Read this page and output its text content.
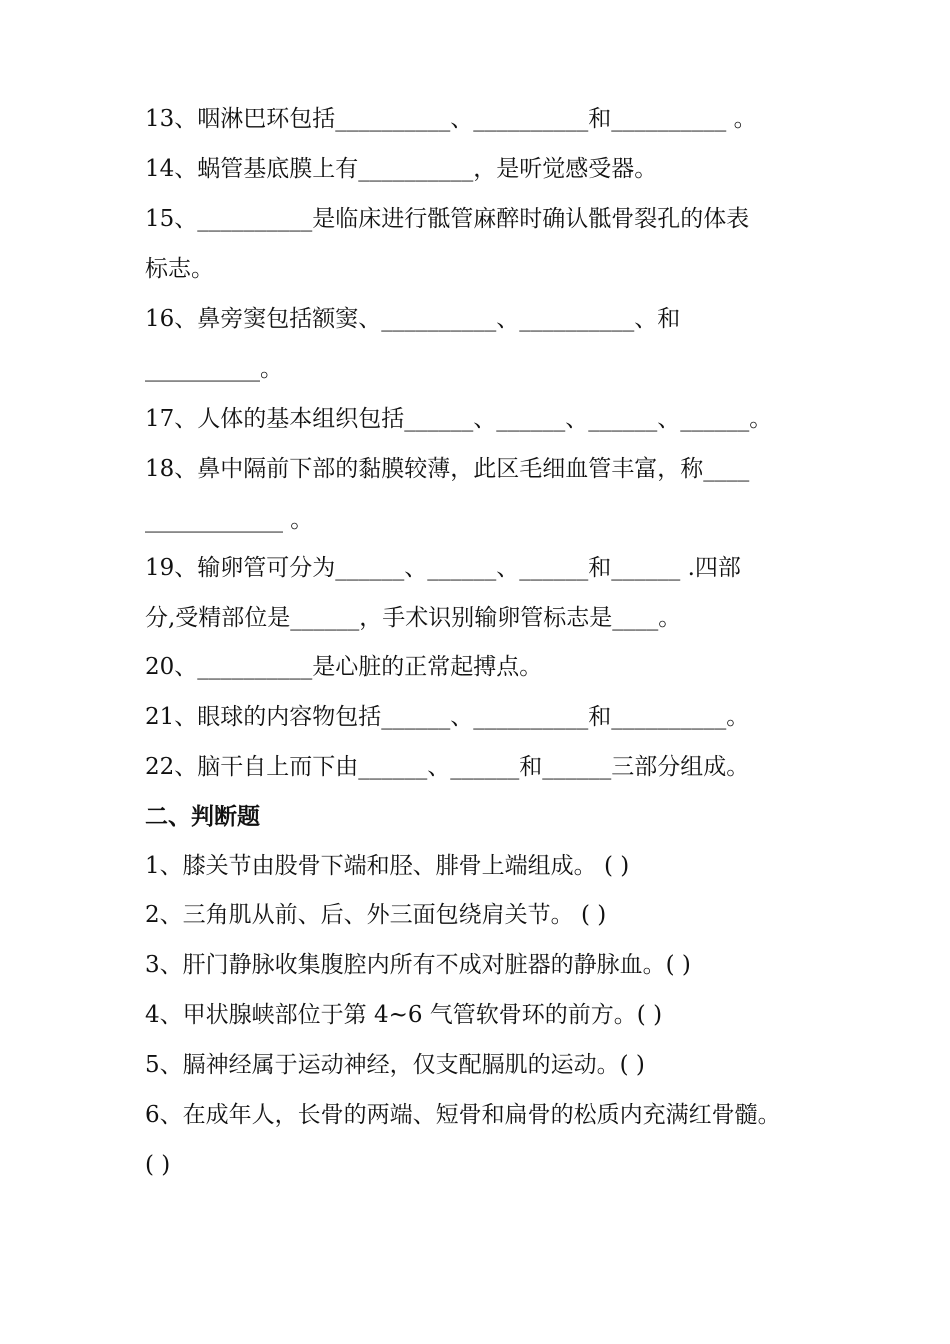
13、咽淋巴环包括__________、__________和__________ 。
14、蜗管基底膜上有__________，是听觉感受器。
15、__________是临床进行骶管麻醉时确认骶骨裂孔的体表
标志。
16、鼻旁窦包括额窦、__________、__________、和
__________。
17、人体的基本组织包括______、______、______、______。
18、鼻中隔前下部的黏膜较薄，此区毛细血管丰富，称____
____________ 。
19、输卵管可分为______、______、______和______ .四部
分,受精部位是______，手术识别输卵管标志是____。
20、__________是心脏的正常起搏点。
21、眼球的内容物包括______、__________和__________。
22、脑干自上而下由______、______和______三部分组成。
二、判断题
1、膝关节由股骨下端和胫、腓骨上端组成。 ( )
2、三角肌从前、后、外三面包绕肩关节。 ( )
3、肝门静脉收集腹腔内所有不成对脏器的静脉血。( )
4、甲状腺峡部位于第 4~6 气管软骨环的前方。( )
5、膈神经属于运动神经，仅支配膈肌的运动。( )
6、在成年人，长骨的两端、短骨和扁骨的松质内充满红骨髓。
( )
